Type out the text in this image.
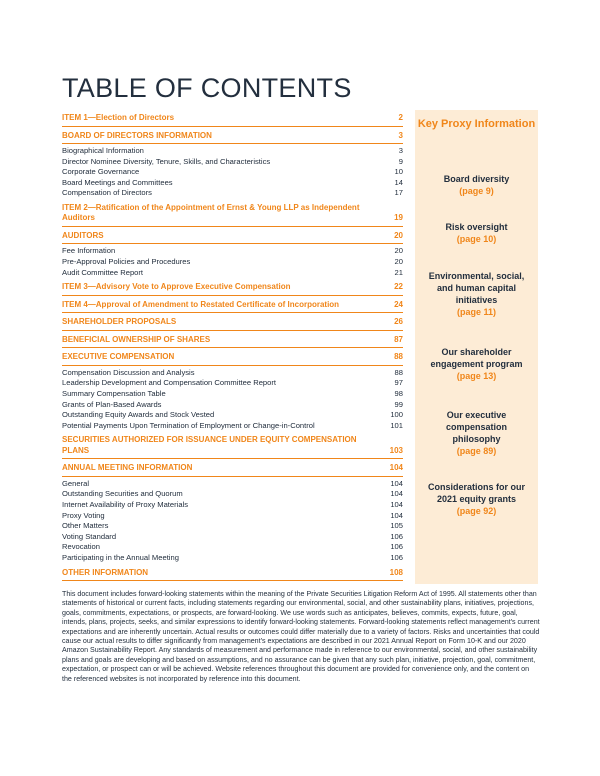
TABLE OF CONTENTS
ITEM 1—Election of Directors	2
BOARD OF DIRECTORS INFORMATION	3
Biographical Information	3
Director Nominee Diversity, Tenure, Skills, and Characteristics	9
Corporate Governance	10
Board Meetings and Committees	14
Compensation of Directors	17
ITEM 2—Ratification of the Appointment of Ernst & Young LLP as Independent Auditors	19
AUDITORS	20
Fee Information	20
Pre-Approval Policies and Procedures	20
Audit Committee Report	21
ITEM 3—Advisory Vote to Approve Executive Compensation	22
ITEM 4—Approval of Amendment to Restated Certificate of Incorporation	24
SHAREHOLDER PROPOSALS	26
BENEFICIAL OWNERSHIP OF SHARES	87
EXECUTIVE COMPENSATION	88
Compensation Discussion and Analysis	88
Leadership Development and Compensation Committee Report	97
Summary Compensation Table	98
Grants of Plan-Based Awards	99
Outstanding Equity Awards and Stock Vested	100
Potential Payments Upon Termination of Employment or Change-in-Control	101
SECURITIES AUTHORIZED FOR ISSUANCE UNDER EQUITY COMPENSATION PLANS	103
ANNUAL MEETING INFORMATION	104
General	104
Outstanding Securities and Quorum	104
Internet Availability of Proxy Materials	104
Proxy Voting	104
Other Matters	105
Voting Standard	106
Revocation	106
Participating in the Annual Meeting	106
OTHER INFORMATION	108
Key Proxy Information
Board diversity
(page 9)
Risk oversight
(page 10)
Environmental, social,
and human capital
initiatives
(page 11)
Our shareholder
engagement program
(page 13)
Our executive
compensation
philosophy
(page 89)
Considerations for our
2021 equity grants
(page 92)

This document includes forward-looking statements within the meaning of the Private Securities Litigation Reform Act of 1995. All statements other than statements of historical or current facts, including statements regarding our environmental, social, and other sustainability plans, initiatives, projections, goals, commitments, expectations, or prospects, are forward-looking. We use words such as anticipates, believes, commits, expects, future, goal, intends, plans, projects, seeks, and similar expressions to identify forward-looking statements. Forward-looking statements reflect management's current expectations and are inherently uncertain. Actual results or outcomes could differ materially due to a variety of factors. Risks and uncertainties that could cause our actual results to differ significantly from management's expectations are described in our 2021 Annual Report on Form 10-K and our 2020 Amazon Sustainability Report. Any standards of measurement and performance made in reference to our environmental, social, and other sustainability plans and goals are developing and based on assumptions, and no assurance can be given that any such plan, initiative, projection, goal, commitment, expectation, or prospect can or will be achieved. Website references throughout this document are provided for convenience only, and the content on the referenced websites is not incorporated by reference into this document.
